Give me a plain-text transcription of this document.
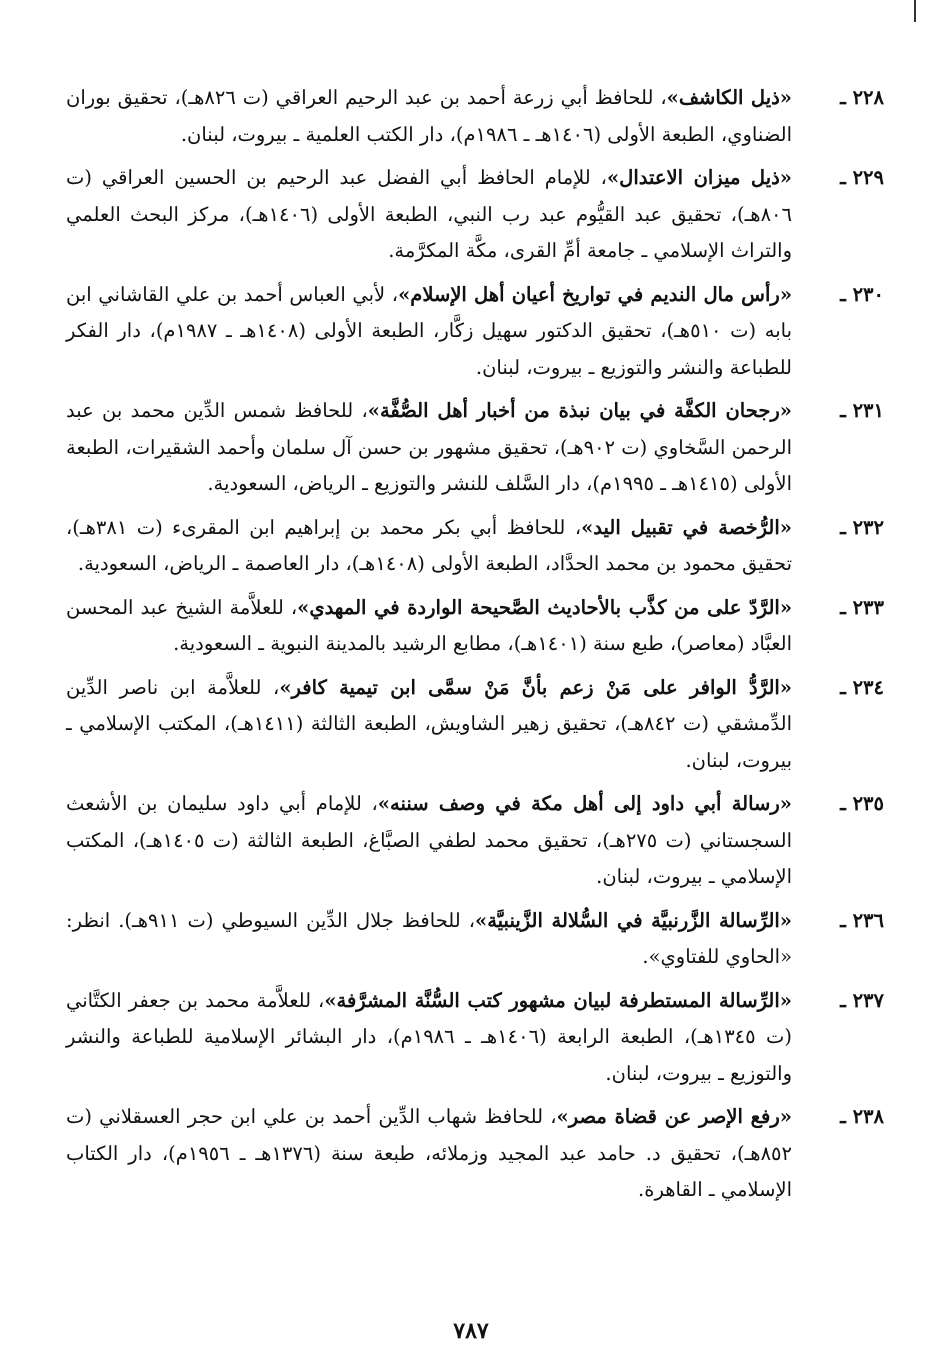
٢٢٨ ـ
«ذيل الكاشف»، للحافظ أبي زرعة أحمد بن عبد الرحيم العراقي (ت ٨٢٦هـ)، تحقيق بوران الضناوي، الطبعة الأولى (١٤٠٦هـ ـ ١٩٨٦م)، دار الكتب العلمية ـ بيروت، لبنان.
٢٢٩ ـ
«ذيل ميزان الاعتدال»، للإمام الحافظ أبي الفضل عبد الرحيم بن الحسين العراقي (ت ٨٠٦هـ)، تحقيق عبد القيُّوم عبد رب النبي، الطبعة الأولى (١٤٠٦هـ)، مركز البحث العلمي والتراث الإسلامي ـ جامعة أمِّ القرى، مكَّة المكرَّمة.
٢٣٠ ـ
«رأس مال النديم في تواريخ أعيان أهل الإسلام»، لأبي العباس أحمد بن علي القاشاني ابن بابه (ت ٥١٠هـ)، تحقيق الدكتور سهيل زكَّار، الطبعة الأولى (١٤٠٨هـ ـ ١٩٨٧م)، دار الفكر للطباعة والنشر والتوزيع ـ بيروت، لبنان.
٢٣١ ـ
«رجحان الكفَّة في بيان نبذة من أخبار أهل الصُّفَّة»، للحافظ شمس الدِّين محمد بن عبد الرحمن السَّخاوي (ت ٩٠٢هـ)، تحقيق مشهور بن حسن آل سلمان وأحمد الشقيرات، الطبعة الأولى (١٤١٥هـ ـ ١٩٩٥م)، دار السَّلف للنشر والتوزيع ـ الرياض، السعودية.
٢٣٢ ـ
«الرُّخصة في تقبيل اليد»، للحافظ أبي بكر محمد بن إبراهيم ابن المقرىء (ت ٣٨١هـ)، تحقيق محمود بن محمد الحدَّاد، الطبعة الأولى (١٤٠٨هـ)، دار العاصمة ـ الرياض، السعودية.
٢٣٣ ـ
«الرَّدّ على من كذَّب بالأحاديث الصَّحيحة الواردة في المهدي»، للعلاَّمة الشيخ عبد المحسن العبَّاد (معاصر)، طبع سنة (١٤٠١هـ)، مطابع الرشيد بالمدينة النبوية ـ السعودية.
٢٣٤ ـ
«الرَّدُّ الوافر على مَنْ زعم بأنَّ مَنْ سمَّى ابن تيمية كافر»، للعلاَّمة ابن ناصر الدِّين الدِّمشقي (ت ٨٤٢هـ)، تحقيق زهير الشاويش، الطبعة الثالثة (١٤١١هـ)، المكتب الإسلامي ـ بيروت، لبنان.
٢٣٥ ـ
«رسالة أبي داود إلى أهل مكة في وصف سننه»، للإمام أبي داود سليمان بن الأشعث السجستاني (ت ٢٧٥هـ)، تحقيق محمد لطفي الصبَّاغ، الطبعة الثالثة (ت ١٤٠٥هـ)، المكتب الإسلامي ـ بيروت، لبنان.
٢٣٦ ـ
«الرِّسالة الزَّرنبيَّة في السُّلالة الزَّينبيَّة»، للحافظ جلال الدِّين السيوطي (ت ٩١١هـ). انظر: «الحاوي للفتاوي».
٢٣٧ ـ
«الرِّسالة المستطرفة لبيان مشهور كتب السُّنَّة المشرَّفة»، للعلاَّمة محمد بن جعفر الكتَّاني (ت ١٣٤٥هـ)، الطبعة الرابعة (١٤٠٦هـ ـ ١٩٨٦م)، دار البشائر الإسلامية للطباعة والنشر والتوزيع ـ بيروت، لبنان.
٢٣٨ ـ
«رفع الإصر عن قضاة مصر»، للحافظ شهاب الدِّين أحمد بن علي ابن حجر العسقلاني (ت ٨٥٢هـ)، تحقيق د. حامد عبد المجيد وزملائه، طبعة سنة (١٣٧٦هـ ـ ١٩٥٦م)، دار الكتاب الإسلامي ـ القاهرة.
٧٨٧
